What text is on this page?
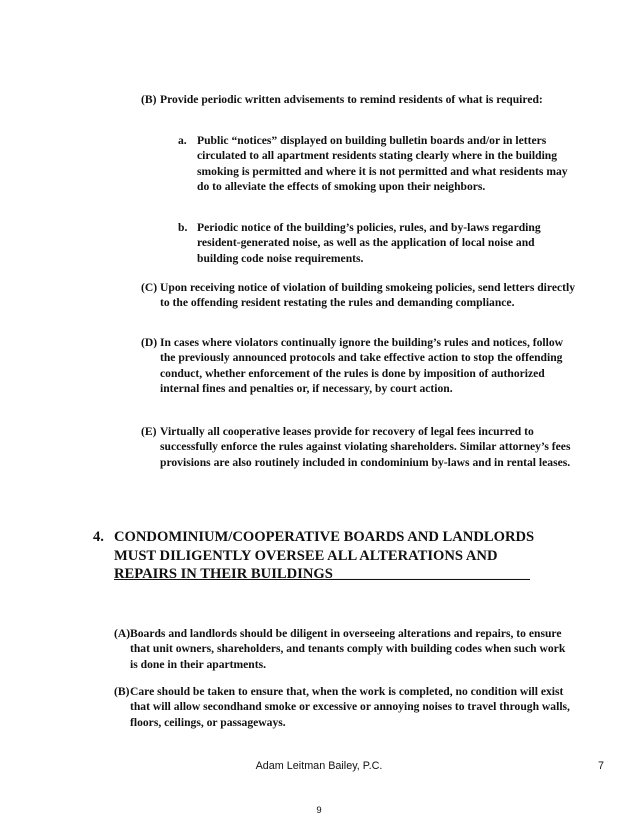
(B) Provide periodic written advisements to remind residents of what is required:
a. Public “notices” displayed on building bulletin boards and/or in letters circulated to all apartment residents stating clearly where in the building smoking is permitted and where it is not permitted and what residents may do to alleviate the effects of smoking upon their neighbors.
b. Periodic notice of the building’s policies, rules, and by-laws regarding resident-generated noise, as well as the application of local noise and building code noise requirements.
(C) Upon receiving notice of violation of building smokeing policies, send letters directly to the offending resident restating the rules and demanding compliance.
(D) In cases where violators continually ignore the building’s rules and notices, follow the previously announced protocols and take effective action to stop the offending conduct, whether enforcement of the rules is done by imposition of authorized internal fines and penalties or, if necessary, by court action.
(E) Virtually all cooperative leases provide for recovery of legal fees incurred to successfully enforce the rules against violating shareholders. Similar attorney’s fees provisions are also routinely included in condominium by-laws and in rental leases.
4. CONDOMINIUM/COOPERATIVE BOARDS AND LANDLORDS
MUST DILIGENTLY OVERSEE ALL ALTERATIONS AND
REPAIRS IN THEIR BUILDINGS___________________________
(A) Boards and landlords should be diligent in overseeing alterations and repairs, to ensure that unit owners, shareholders, and tenants comply with building codes when such work is done in their apartments.
(B) Care should be taken to ensure that, when the work is completed, no condition will exist that will allow secondhand smoke or excessive or annoying noises to travel through walls, floors, ceilings, or passageways.
Adam Leitman Bailey, P.C.	7
9
